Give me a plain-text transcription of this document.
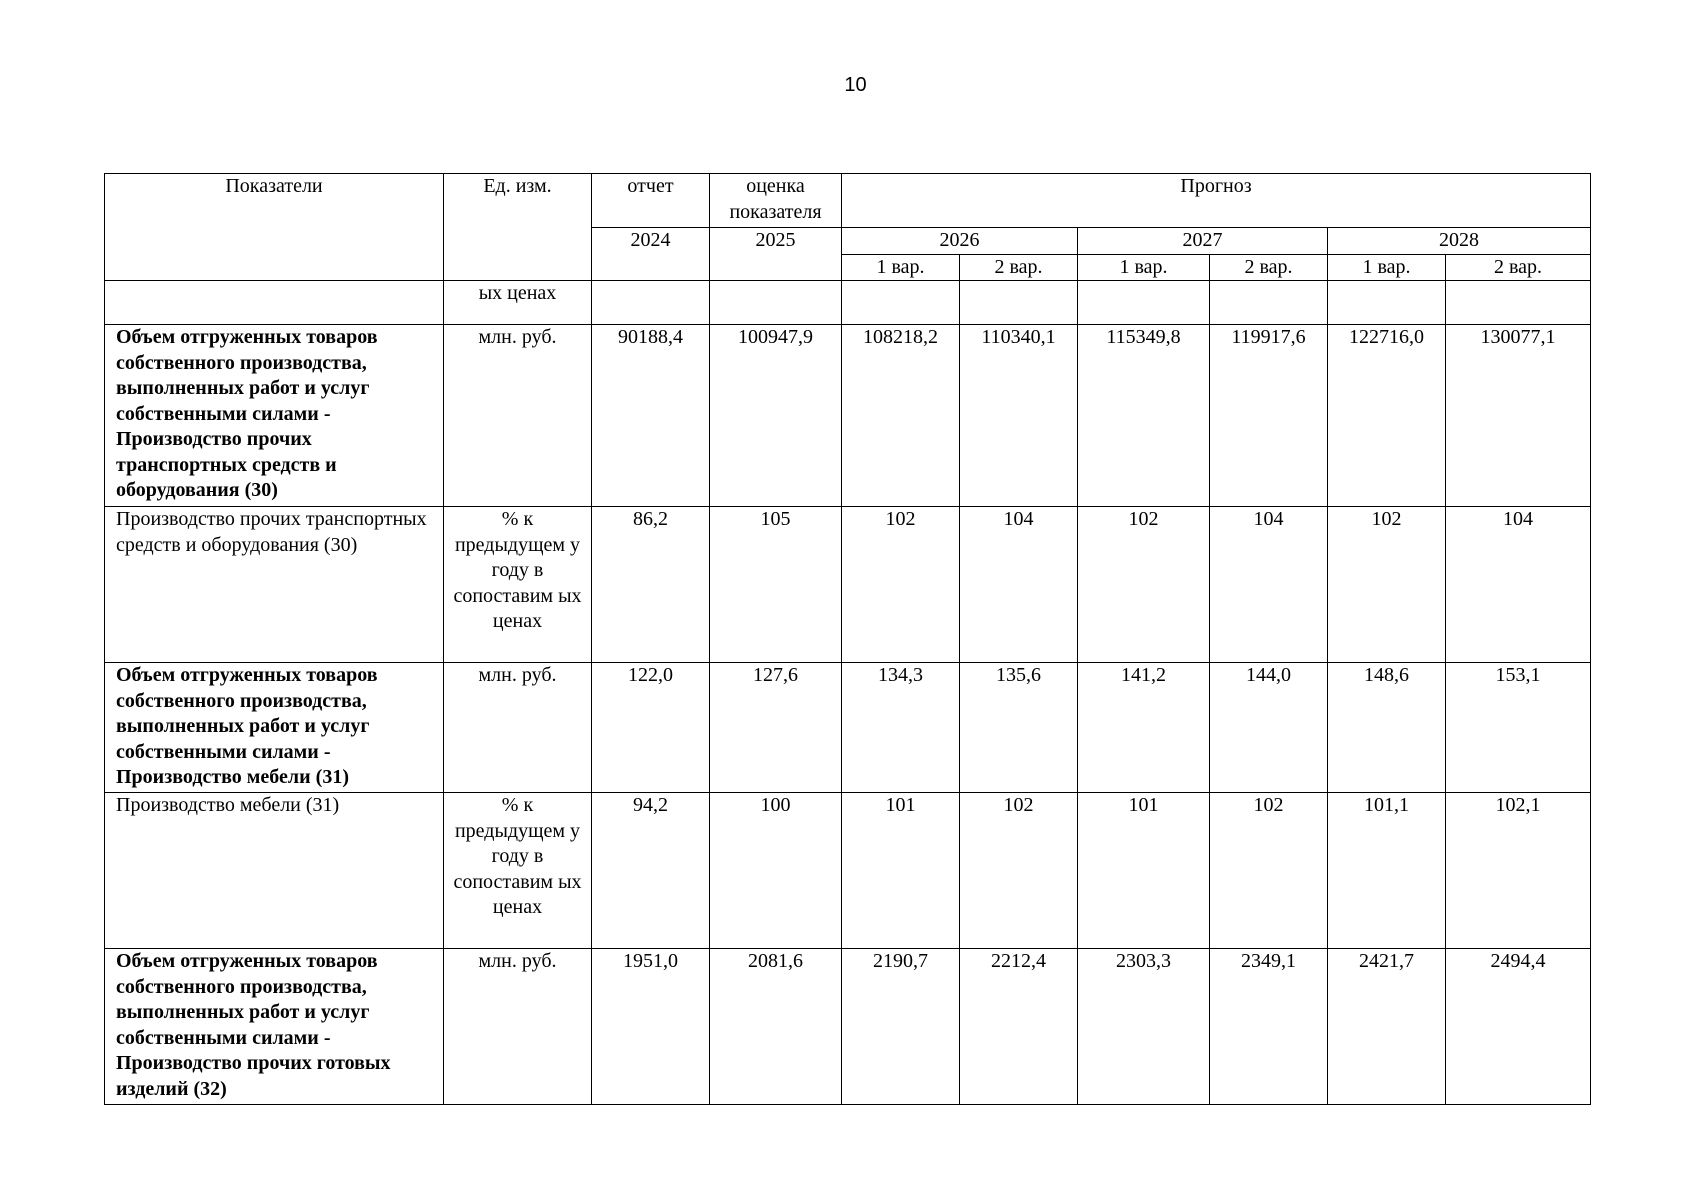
10
Показатели	Ед. изм.	отчет	оценка показателя	Прогноз					
		2024	2025	2026		2027		2028	
				1 вар.	2 вар.	1 вар.	2 вар.	1 вар.	2 вар.
	ых ценах								
Объем отгруженных товаров собственного производства, выполненных работ и услуг собственными силами - Производство прочих транспортных средств и оборудования (30)	млн. руб.	90188,4	100947,9	108218,2	110340,1	115349,8	119917,6	122716,0	130077,1
Производство прочих транспортных средств и оборудования (30)	% к предыдущем у году в сопоставим ых ценах	86,2	105	102	104	102	104	102	104
Объем отгруженных товаров собственного производства, выполненных работ и услуг собственными силами - Производство мебели (31)	млн. руб.	122,0	127,6	134,3	135,6	141,2	144,0	148,6	153,1
Производство мебели (31)	% к предыдущем у году в сопоставим ых ценах	94,2	100	101	102	101	102	101,1	102,1
Объем отгруженных товаров собственного производства, выполненных работ и услуг собственными силами - Производство прочих готовых изделий (32)	млн. руб.	1951,0	2081,6	2190,7	2212,4	2303,3	2349,1	2421,7	2494,4
